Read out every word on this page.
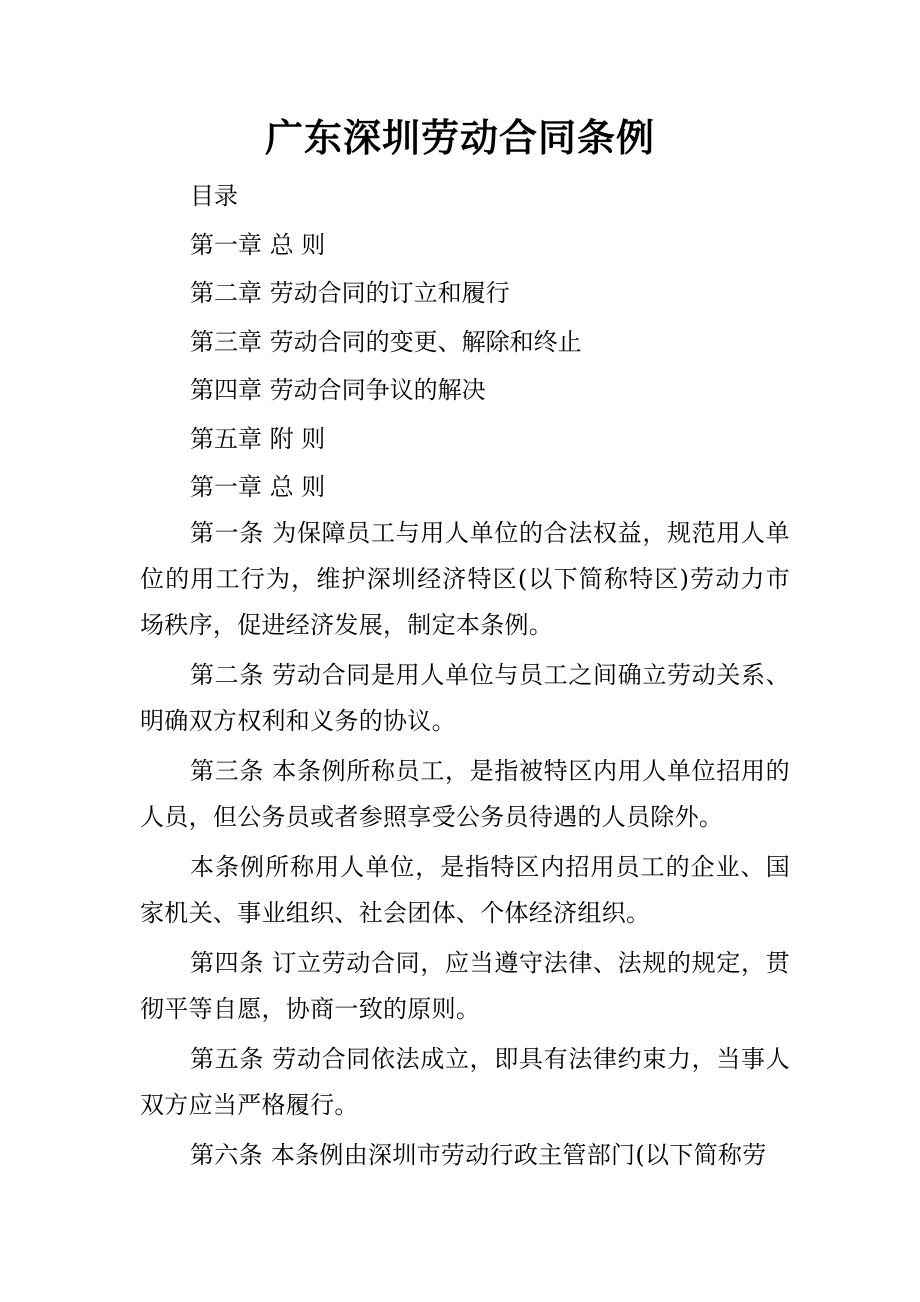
广东深圳劳动合同条例
目录
第一章 总 则
第二章 劳动合同的订立和履行
第三章 劳动合同的变更、解除和终止
第四章 劳动合同争议的解决
第五章 附 则
第一章 总 则

第一条 为保障员工与用人单位的合法权益，规范用人单位的用工行为，维护深圳经济特区(以下简称特区)劳动力市场秩序，促进经济发展，制定本条例。

第二条 劳动合同是用人单位与员工之间确立劳动关系、明确双方权利和义务的协议。

第三条 本条例所称员工，是指被特区内用人单位招用的人员，但公务员或者参照享受公务员待遇的人员除外。

本条例所称用人单位，是指特区内招用员工的企业、国家机关、事业组织、社会团体、个体经济组织。

第四条 订立劳动合同，应当遵守法律、法规的规定，贯彻平等自愿，协商一致的原则。

第五条 劳动合同依法成立，即具有法律约束力，当事人双方应当严格履行。

第六条 本条例由深圳市劳动行政主管部门(以下简称劳
